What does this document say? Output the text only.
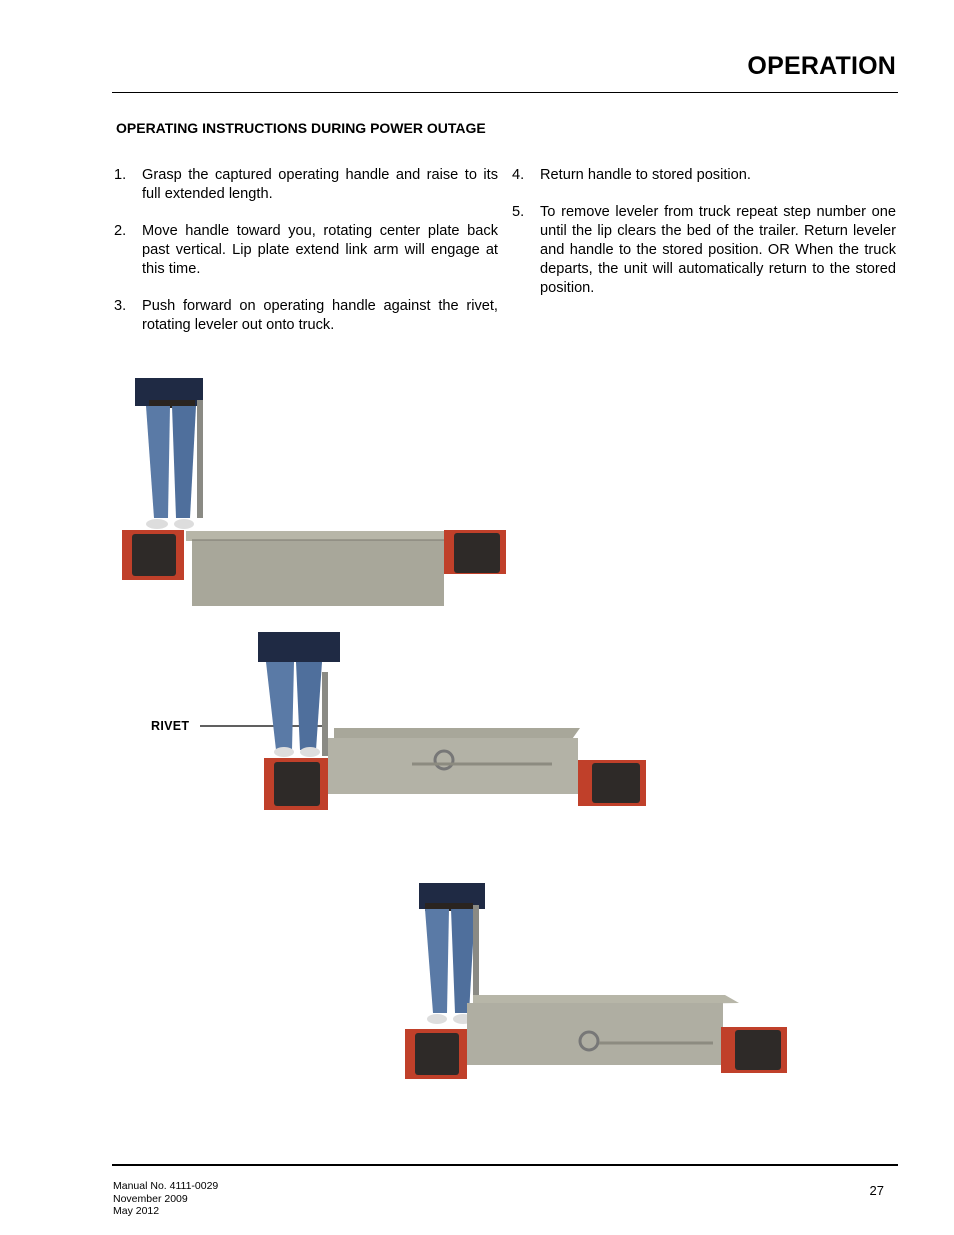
OPERATION
OPERATING INSTRUCTIONS DURING POWER OUTAGE
1.	Grasp the captured operating handle and raise to its full extended length.
2.	Move handle toward you, rotating center plate back past vertical. Lip plate extend link arm will engage at this time.
3.	Push forward on operating handle against the rivet, rotating leveler out onto truck.
4.	Return handle to stored position.
5.	To remove leveler from truck repeat step number one until the lip clears the bed of the trailer. Return leveler and handle to the stored position. OR When the truck departs, the unit will automatically return to the stored position.
RIVET
Manual No. 4111-0029
November 2009
May 2012
27
